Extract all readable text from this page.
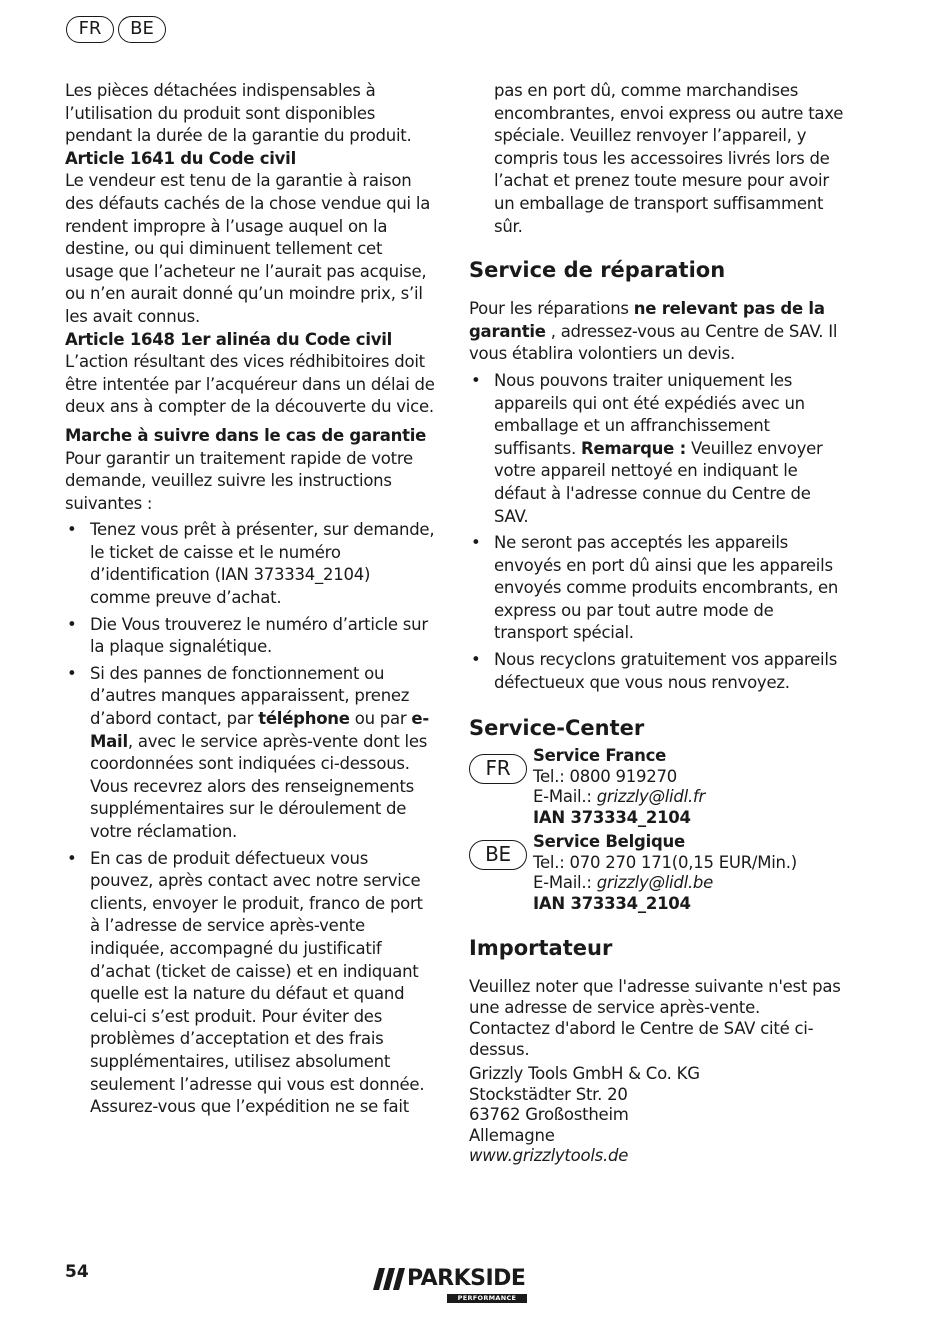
FR	BE

Les pièces détachées indispensables à l’utilisation du produit sont disponibles pendant la durée de la garantie du produit.

Article 1641 du Code civil

Le vendeur est tenu de la garantie à raison des défauts cachés de la chose vendue qui la rendent impropre à l’usage auquel on la destine, ou qui diminuent tellement cet usage que l’acheteur ne l’aurait pas acquise, ou n’en aurait donné qu’un moindre prix, s’il les avait connus.

Article 1648 1er alinéa du Code civil

L’action résultant des vices rédhibitoires doit être intentée par l’acquéreur dans un délai de deux ans à compter de la découverte du vice.

Marche à suivre dans le cas de garantie

Pour garantir un traitement rapide de votre demande, veuillez suivre les instructions suivantes :

• Tenez vous prêt à présenter, sur demande, le ticket de caisse et le numéro d’identification (IAN 373334_2104) comme preuve d’achat.
• Die Vous trouverez le numéro d’article sur la plaque signalétique.
• Si des pannes de fonctionnement ou d’autres manques apparaissent, prenez d’abord contact, par téléphone ou par e-Mail, avec le service après-vente dont les coordonnées sont indiquées ci-dessous. Vous recevrez alors des renseignements supplémentaires sur le déroulement de votre réclamation.
• En cas de produit défectueux vous pouvez, après contact avec notre service clients, envoyer le produit, franco de port à l’adresse de service après-vente indiquée, accompagné du justificatif d’achat (ticket de caisse) et en indiquant quelle est la nature du défaut et quand celui-ci s’est produit. Pour éviter des problèmes d’acceptation et des frais supplémentaires, utilisez absolument seulement l’adresse qui vous est donnée. Assurez-vous que l’expédition ne se fait

pas en port dû, comme marchandises encombrantes, envoi express ou autre taxe spéciale. Veuillez renvoyer l’appareil, y compris tous les accessoires livrés lors de l’achat et prenez toute mesure pour avoir un emballage de transport suffisamment sûr.

Service de réparation

Pour les réparations ne relevant pas de la garantie , adressez-vous au Centre de SAV. Il vous établira volontiers un devis.

• Nous pouvons traiter uniquement les appareils qui ont été expédiés avec un emballage et un affranchissement suffisants. Remarque : Veuillez envoyer votre appareil nettoyé en indiquant le défaut à l'adresse connue du Centre de SAV.
• Ne seront pas acceptés les appareils envoyés en port dû ainsi que les appareils envoyés comme produits encombrants, en express ou par tout autre mode de transport spécial.
• Nous recyclons gratuitement vos appareils défectueux que vous nous renvoyez.

Service-Center

FR
Service France
Tel.: 0800 919270
E-Mail.: grizzly@lidl.fr
IAN 373334_2104
BE
Service Belgique
Tel.: 070 270 171(0,15 EUR/Min.)
E-Mail.: grizzly@lidl.be
IAN 373334_2104

Importateur

Veuillez noter que l'adresse suivante n'est pas une adresse de service après-vente. Contactez d'abord le Centre de SAV cité ci-dessus.

Grizzly Tools GmbH & Co. KG
Stockstädter Str. 20
63762 Großostheim
Allemagne
www.grizzlytools.de
54	PARKSIDE
PERFORMANCE
